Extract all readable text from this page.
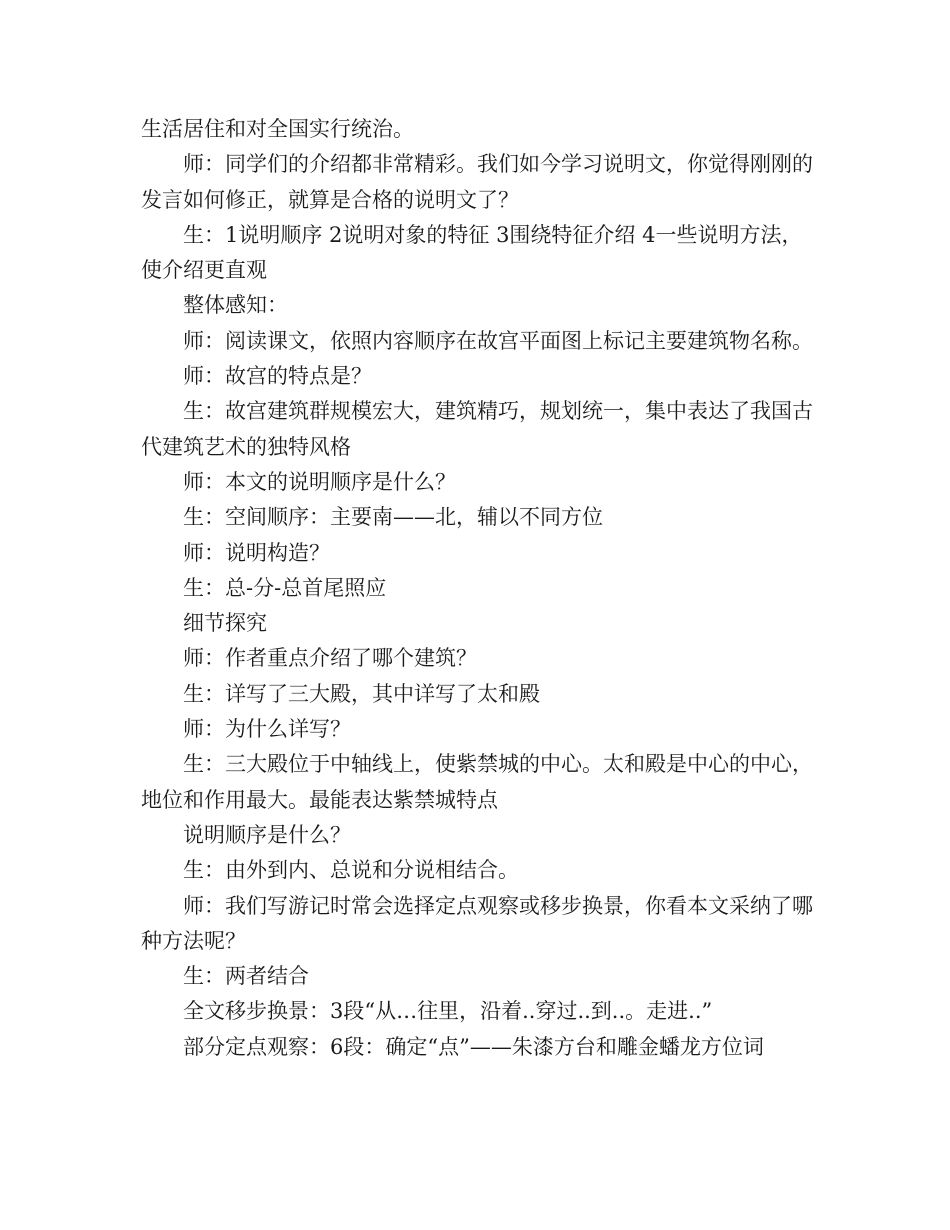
生活居住和对全国实行统治。

师：同学们的介绍都非常精彩。我们如今学习说明文，你觉得刚刚的发言如何修正，就算是合格的说明文了？

生：1说明顺序 2说明对象的特征 3围绕特征介绍 4一些说明方法，使介绍更直观

整体感知：

师：阅读课文，依照内容顺序在故宫平面图上标记主要建筑物名称。

师：故宫的特点是？

生：故宫建筑群规模宏大，建筑精巧，规划统一，集中表达了我国古代建筑艺术的独特风格

师：本文的说明顺序是什么？

生：空间顺序：主要南——北，辅以不同方位

师：说明构造？

生：总-分-总首尾照应

细节探究

师：作者重点介绍了哪个建筑？

生：详写了三大殿，其中详写了太和殿

师：为什么详写？

生：三大殿位于中轴线上，使紫禁城的中心。太和殿是中心的中心，地位和作用最大。最能表达紫禁城特点

说明顺序是什么？

生：由外到内、总说和分说相结合。

师：我们写游记时常会选择定点观察或移步换景，你看本文采纳了哪种方法呢？

生：两者结合

全文移步换景：3段“从…往里，沿着..穿过..到..。走进..”

部分定点观察：6段：确定“点”——朱漆方台和雕金蟠龙方位词
